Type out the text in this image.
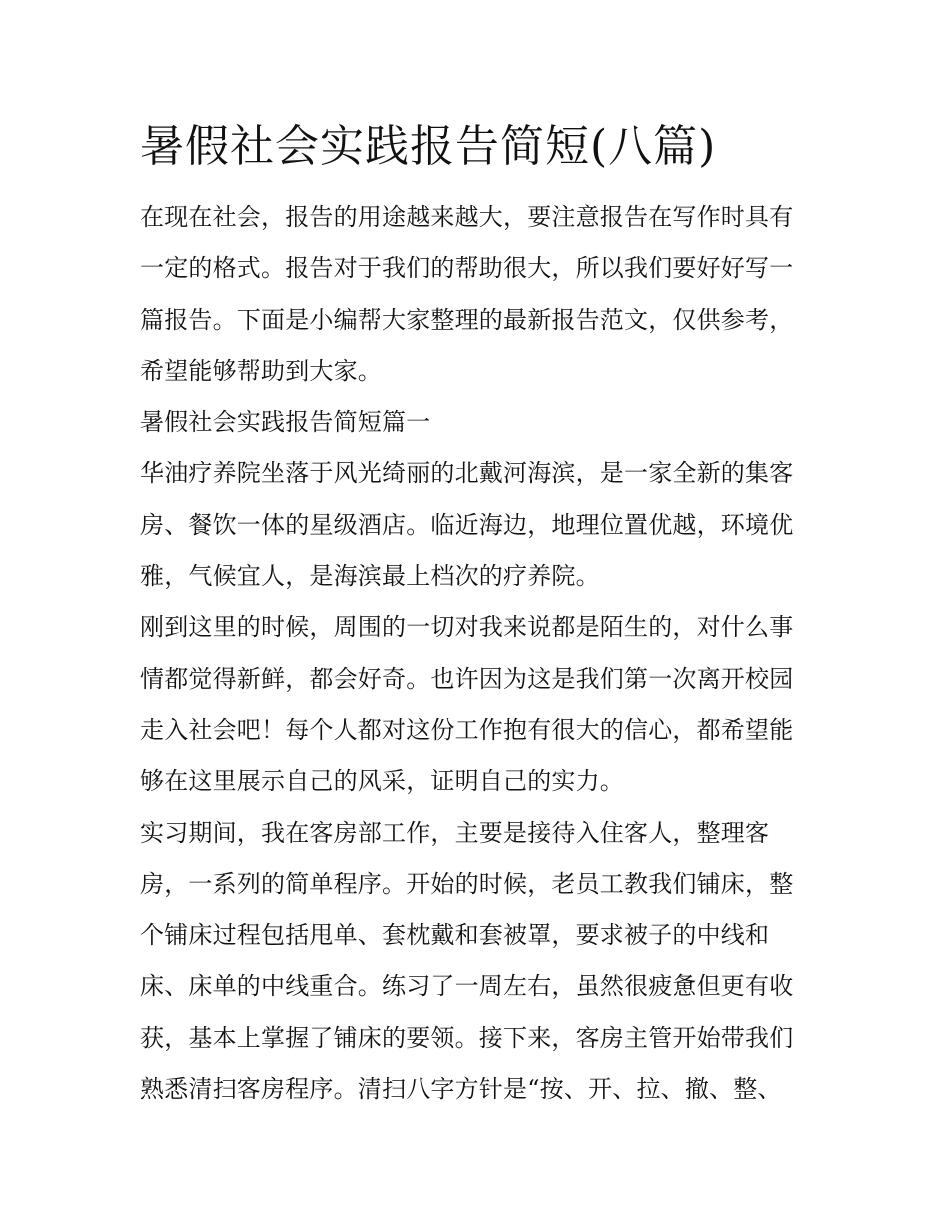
暑假社会实践报告简短(八篇)

在现在社会，报告的用途越来越大，要注意报告在写作时具有
一定的格式。报告对于我们的帮助很大，所以我们要好好写一
篇报告。下面是小编帮大家整理的最新报告范文，仅供参考，
希望能够帮助到大家。

暑假社会实践报告简短篇一

华油疗养院坐落于风光绮丽的北戴河海滨，是一家全新的集客
房、餐饮一体的星级酒店。临近海边，地理位置优越，环境优
雅，气候宜人，是海滨最上档次的疗养院。

刚到这里的时候，周围的一切对我来说都是陌生的，对什么事
情都觉得新鲜，都会好奇。也许因为这是我们第一次离开校园
走入社会吧！每个人都对这份工作抱有很大的信心，都希望能
够在这里展示自己的风采，证明自己的实力。

实习期间，我在客房部工作，主要是接待入住客人，整理客
房，一系列的简单程序。开始的时候，老员工教我们铺床，整
个铺床过程包括甩单、套枕戴和套被罩，要求被子的中线和
床、床单的中线重合。练习了一周左右，虽然很疲惫但更有收
获，基本上掌握了铺床的要领。接下来，客房主管开始带我们
熟悉清扫客房程序。清扫八字方针是“按、开、拉、撤、整、
